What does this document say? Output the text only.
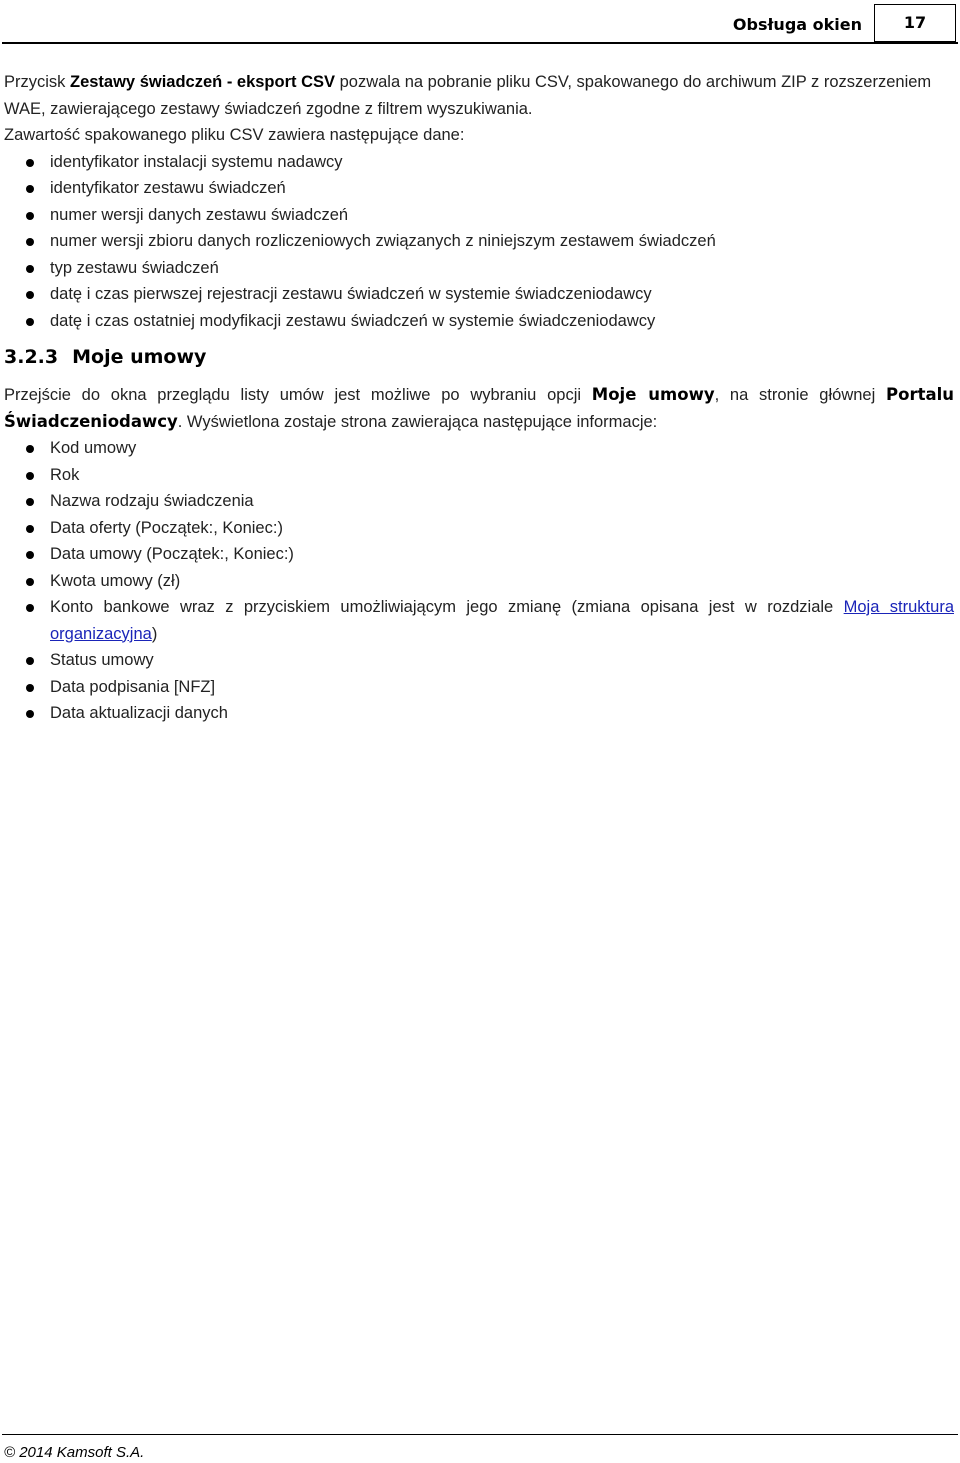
Obsługa okien	17

Przycisk Zestawy świadczeń - eksport CSV pozwala na pobranie pliku CSV, spakowanego do archiwum ZIP z rozszerzeniem WAE, zawierającego zestawy świadczeń zgodne z filtrem wyszukiwania.

Zawartość spakowanego pliku CSV zawiera następujące dane:

identyfikator instalacji systemu nadawcy
identyfikator zestawu świadczeń
numer wersji danych zestawu świadczeń
numer wersji zbioru danych rozliczeniowych związanych z niniejszym zestawem świadczeń
typ zestawu świadczeń
datę i czas pierwszej rejestracji zestawu świadczeń w systemie świadczeniodawcy
datę i czas ostatniej modyfikacji zestawu świadczeń w systemie świadczeniodawcy
3.2.3 Moje umowy

Przejście do okna przeglądu listy umów jest możliwe po wybraniu opcji Moje umowy, na stronie głównej Portalu Świadczeniodawcy. Wyświetlona zostaje strona zawierająca następujące informacje:

Kod umowy
Rok
Nazwa rodzaju świadczenia
Data oferty (Początek:, Koniec:)
Data umowy (Początek:, Koniec:)
Kwota umowy (zł)
Konto bankowe wraz z przyciskiem umożliwiającym jego zmianę (zmiana opisana jest w rozdziale Moja struktura organizacyjna)
Status umowy
Data podpisania [NFZ]
Data aktualizacji danych
© 2014 Kamsoft S.A.
